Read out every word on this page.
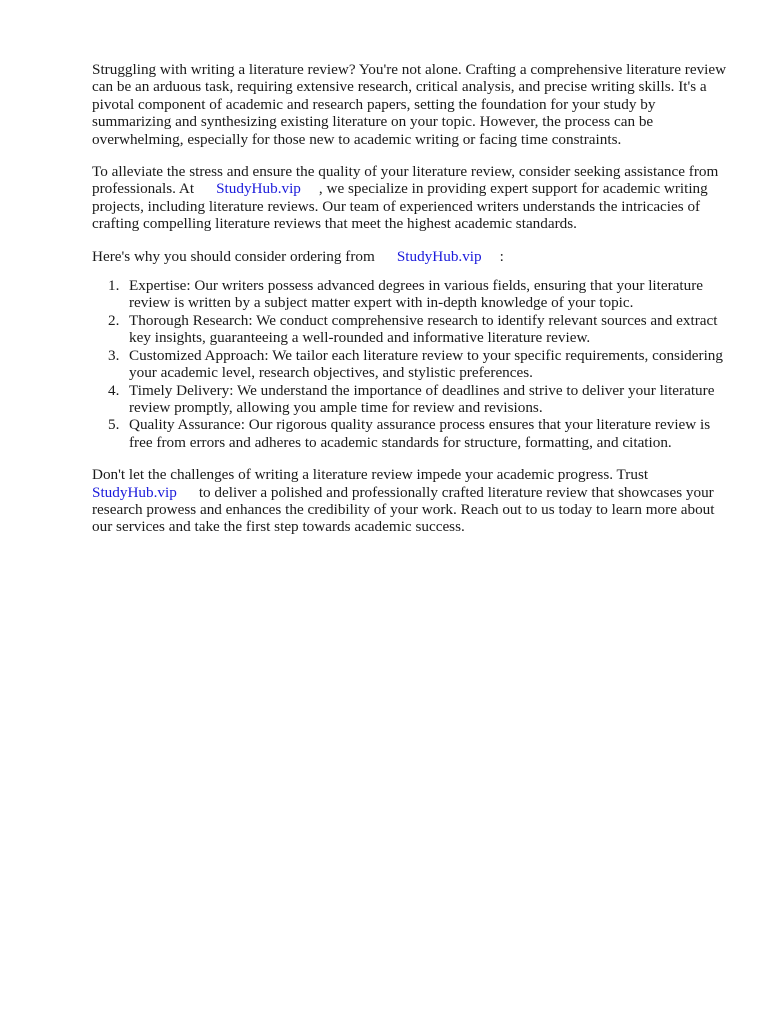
Struggling with writing a literature review? You're not alone. Crafting a comprehensive literature review can be an arduous task, requiring extensive research, critical analysis, and precise writing skills. It's a pivotal component of academic and research papers, setting the foundation for your study by summarizing and synthesizing existing literature on your topic. However, the process can be overwhelming, especially for those new to academic writing or facing time constraints.

To alleviate the stress and ensure the quality of your literature review, consider seeking assistance from professionals. At StudyHub.vip , we specialize in providing expert support for academic writing projects, including literature reviews. Our team of experienced writers understands the intricacies of crafting compelling literature reviews that meet the highest academic standards.

Here's why you should consider ordering from StudyHub.vip :

1. Expertise: Our writers possess advanced degrees in various fields, ensuring that your literature review is written by a subject matter expert with in-depth knowledge of your topic.
2. Thorough Research: We conduct comprehensive research to identify relevant sources and extract key insights, guaranteeing a well-rounded and informative literature review.
3. Customized Approach: We tailor each literature review to your specific requirements, considering your academic level, research objectives, and stylistic preferences.
4. Timely Delivery: We understand the importance of deadlines and strive to deliver your literature review promptly, allowing you ample time for review and revisions.
5. Quality Assurance: Our rigorous quality assurance process ensures that your literature review is free from errors and adheres to academic standards for structure, formatting, and citation.

Don't let the challenges of writing a literature review impede your academic progress. Trust
StudyHub.vip to deliver a polished and professionally crafted literature review that showcases your research prowess and enhances the credibility of your work. Reach out to us today to learn more about our services and take the first step towards academic success.
